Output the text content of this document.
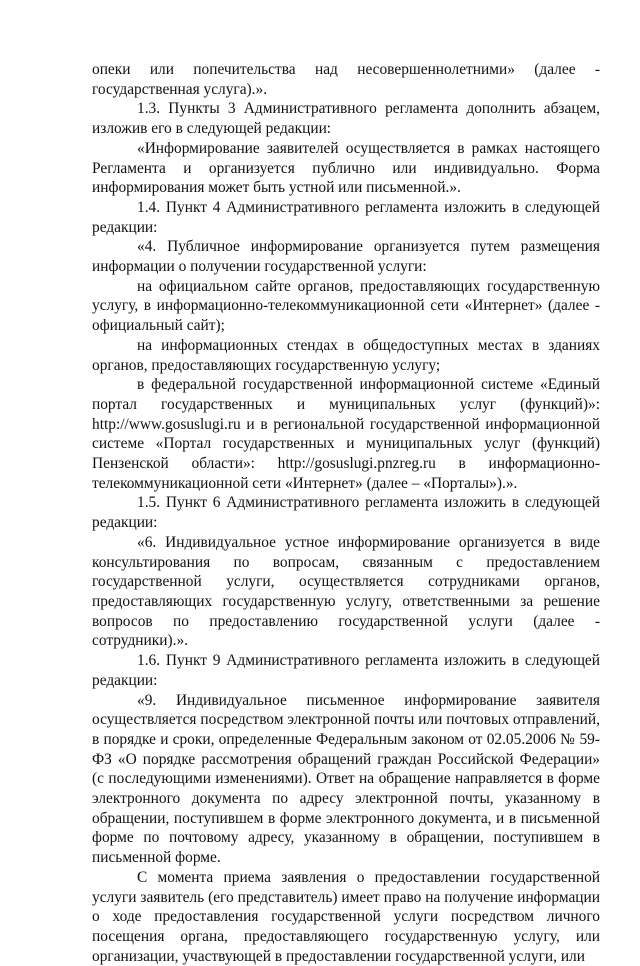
опеки или попечительства над несовершеннолетними» (далее - государственная услуга).».

1.3. Пункты 3 Административного регламента дополнить абзацем, изложив его в следующей редакции:

«Информирование заявителей осуществляется в рамках настоящего Регламента и организуется публично или индивидуально. Форма информирования может быть устной или письменной.».

1.4. Пункт 4 Административного регламента изложить в следующей редакции:

«4. Публичное информирование организуется путем размещения информации о получении государственной услуги:

на официальном сайте органов, предоставляющих государственную услугу, в информационно-телекоммуникационной сети «Интернет» (далее - официальный сайт);

на информационных стендах в общедоступных местах в зданиях органов, предоставляющих государственную услугу;

в федеральной государственной информационной системе «Единый портал государственных и муниципальных услуг (функций)»: http://www.gosuslugi.ru и в региональной государственной информационной системе «Портал государственных и муниципальных услуг (функций) Пензенской области»: http://gosuslugi.pnzreg.ru в информационно-телекоммуникационной сети «Интернет» (далее – «Порталы»).».

1.5. Пункт 6 Административного регламента изложить в следующей редакции:

«6. Индивидуальное устное информирование организуется в виде консультирования по вопросам, связанным с предоставлением государственной услуги, осуществляется сотрудниками органов, предоставляющих государственную услугу, ответственными за решение вопросов по предоставлению государственной услуги (далее - сотрудники).».

1.6. Пункт 9 Административного регламента изложить в следующей редакции:

«9. Индивидуальное письменное информирование заявителя осуществляется посредством электронной почты или почтовых отправлений, в порядке и сроки, определенные Федеральным законом от 02.05.2006 № 59-ФЗ «О порядке рассмотрения обращений граждан Российской Федерации» (с последующими изменениями). Ответ на обращение направляется в форме электронного документа по адресу электронной почты, указанному в обращении, поступившем в форме электронного документа, и в письменной форме по почтовому адресу, указанному в обращении, поступившем в письменной форме.

С момента приема заявления о предоставлении государственной услуги заявитель (его представитель) имеет право на получение информации о ходе предоставления государственной услуги посредством личного посещения органа, предоставляющего государственную услугу, или организации, участвующей в предоставлении государственной услуги, или
